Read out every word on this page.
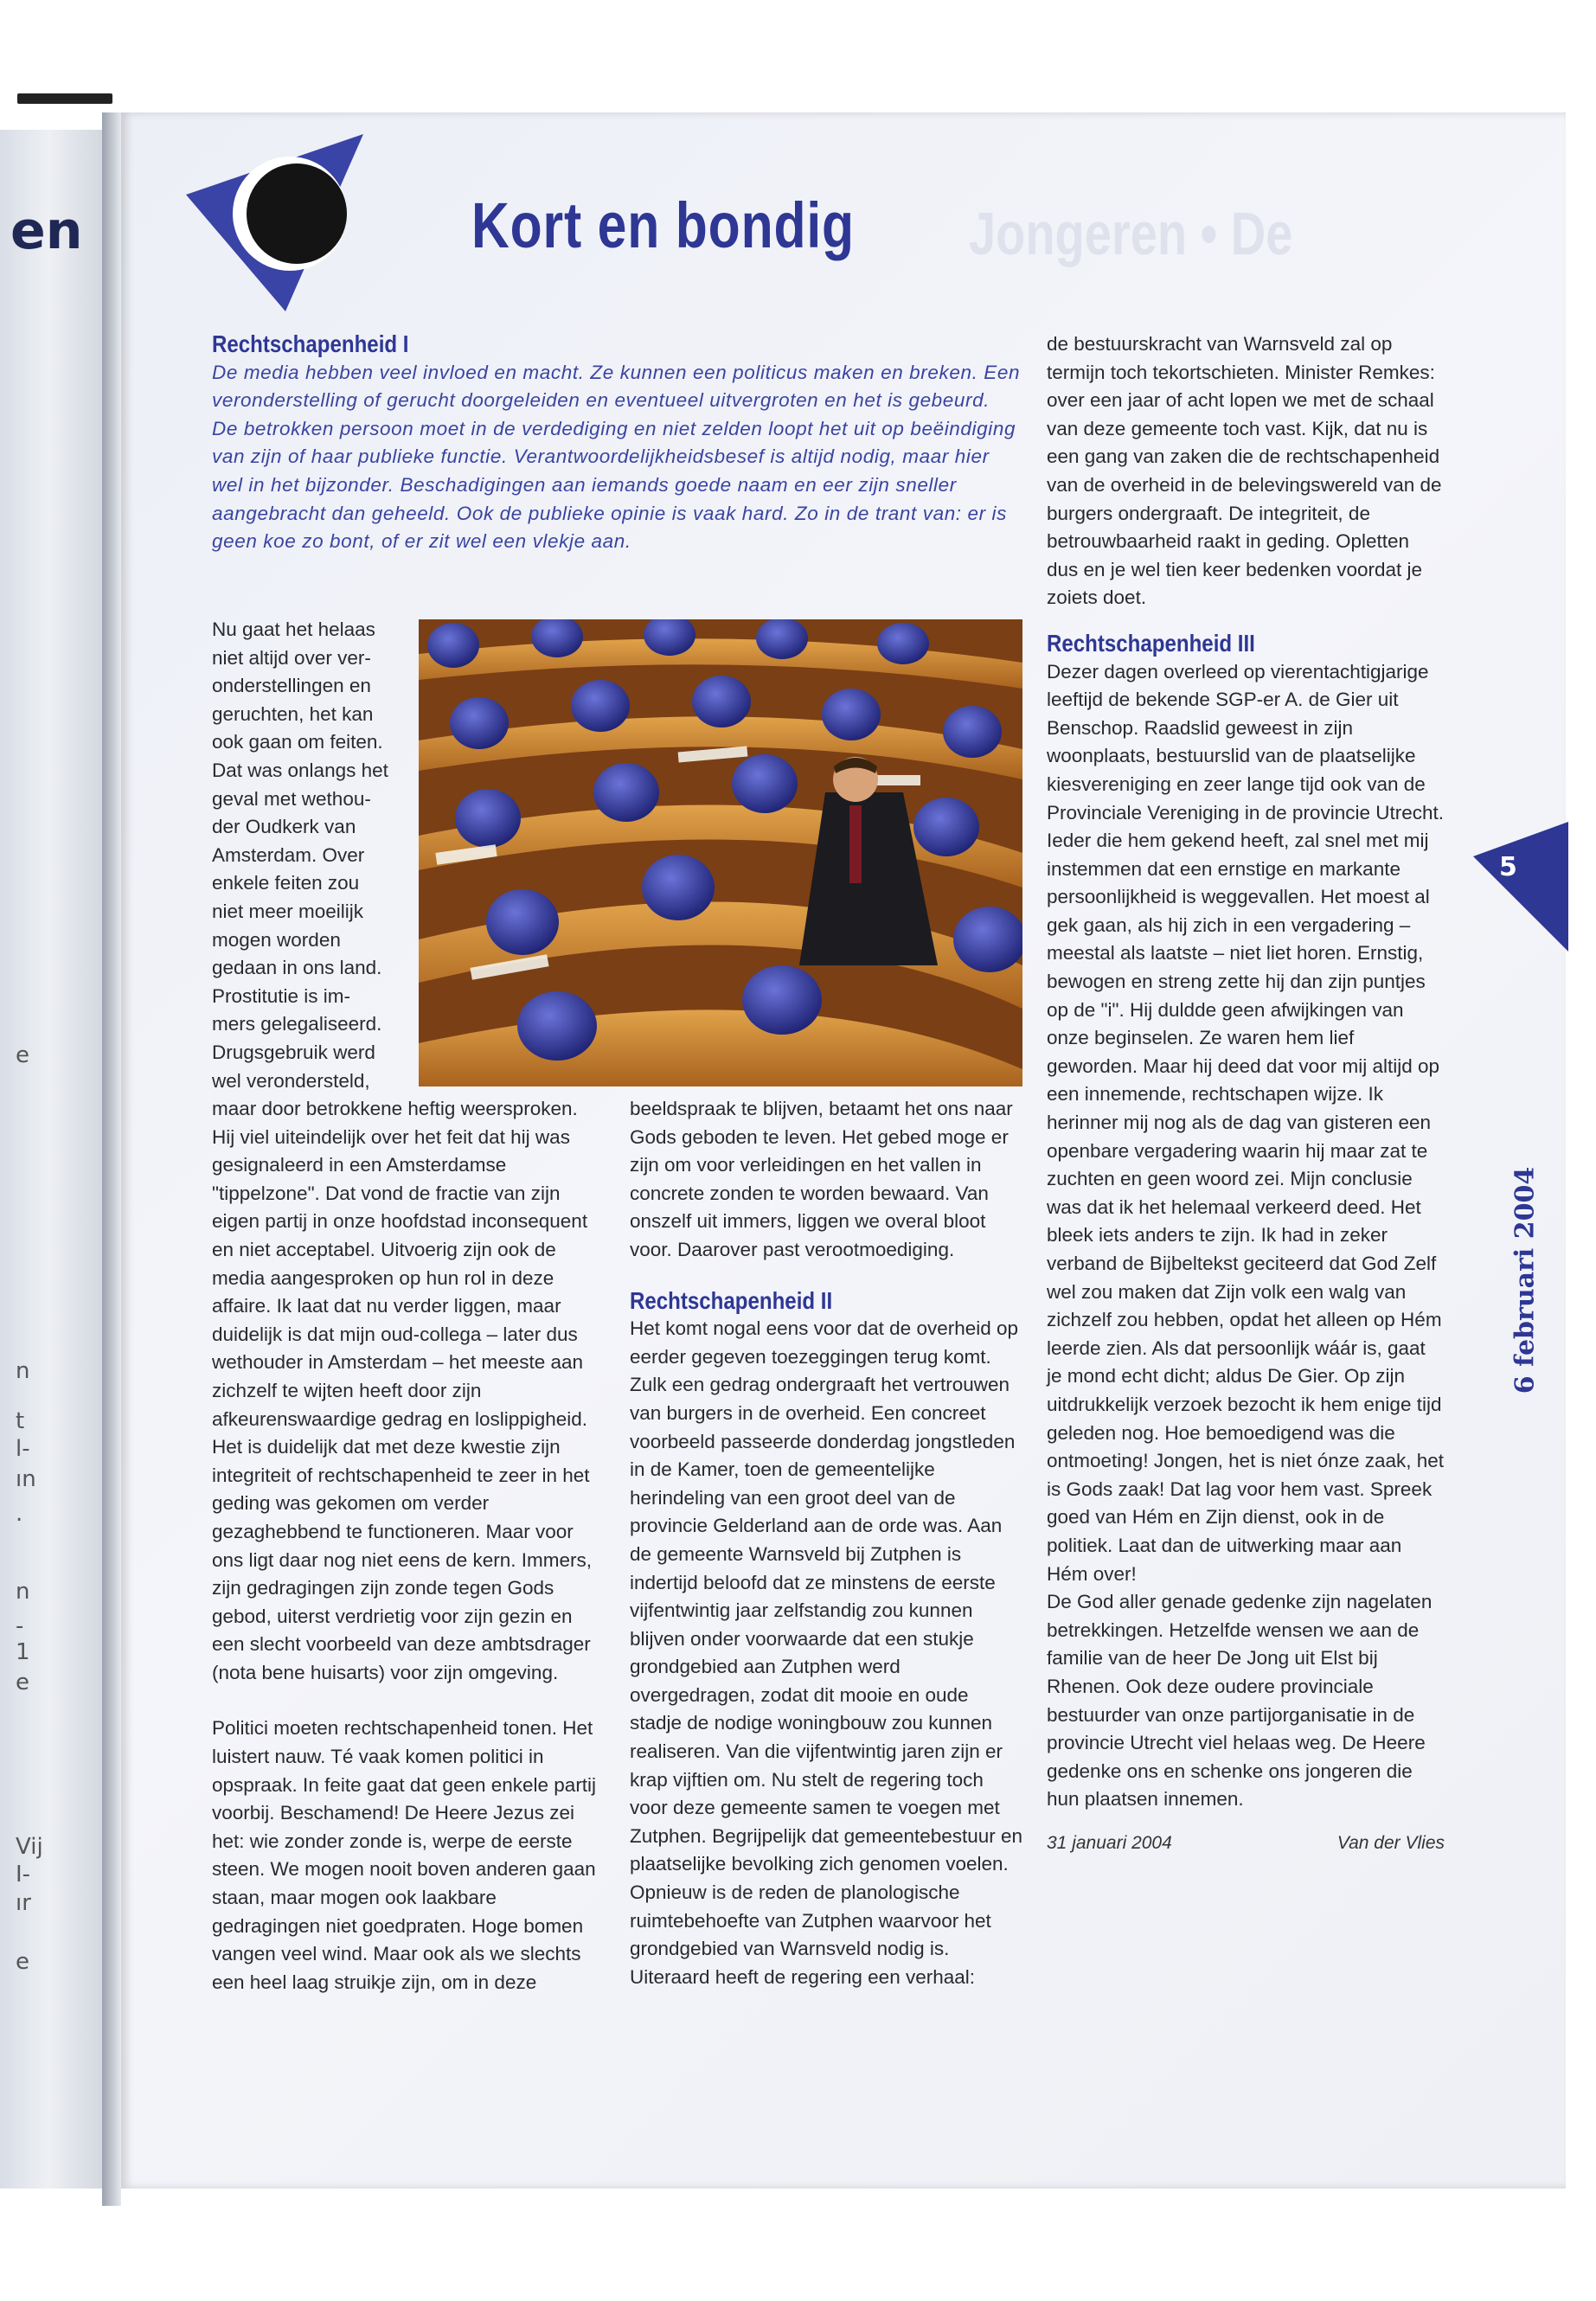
en
e
n
t
l-
ın
.
n
-
1
e
Vij
I-
ır
e
Jongeren • De
Kort en bondig
Rechtschapenheid I

De media hebben veel invloed en macht. Ze kunnen een politicus maken en breken. Een veronderstelling of gerucht doorgeleiden en eventueel uitvergroten en het is gebeurd. De betrokken persoon moet in de verdediging en niet zelden loopt het uit op beëindiging van zijn of haar publieke functie. Verantwoordelijkheidsbesef is altijd nodig, maar hier wel in het bijzonder. Beschadigingen aan iemands goede naam en eer zijn sneller aangebracht dan geheeld. Ook de publieke opinie is vaak hard. Zo in de trant van: er is geen koe zo bont, of er zit wel een vlekje aan.

Nu gaat het helaas
niet altijd over ver-
onderstellingen en
geruchten, het kan
ook gaan om feiten.
Dat was onlangs het
geval met wethou-
der Oudkerk van
Amsterdam. Over
enkele feiten zou
niet meer moeilijk
mogen worden
gedaan in ons land.
Prostitutie is im-
mers gelegaliseerd.
Drugsgebruik werd
wel verondersteld,

maar door betrokkene heftig weersproken. Hij viel uiteindelijk over het feit dat hij was gesignaleerd in een Amsterdamse "tippelzone". Dat vond de fractie van zijn eigen partij in onze hoofdstad inconsequent en niet acceptabel. Uitvoerig zijn ook de media aangesproken op hun rol in deze affaire. Ik laat dat nu verder liggen, maar duidelijk is dat mijn oud-collega – later dus wethouder in Amsterdam – het meeste aan zichzelf te wijten heeft door zijn afkeurenswaardige gedrag en loslippigheid. Het is duidelijk dat met deze kwestie zijn integriteit of rechtschapenheid te zeer in het geding was gekomen om verder gezaghebbend te functioneren. Maar voor ons ligt daar nog niet eens de kern. Immers, zijn gedragingen zijn zonde tegen Gods gebod, uiterst verdrietig voor zijn gezin en een slecht voorbeeld van deze ambtsdrager (nota bene huisarts) voor zijn omgeving.

Politici moeten rechtschapenheid tonen. Het luistert nauw. Té vaak komen politici in opspraak. In feite gaat dat geen enkele partij voorbij. Beschamend! De Heere Jezus zei het: wie zonder zonde is, werpe de eerste steen. We mogen nooit boven anderen gaan staan, maar mogen ook laakbare gedragingen niet goedpraten. Hoge bomen vangen veel wind. Maar ook als we slechts een heel laag struikje zijn, om in deze

beeldspraak te blijven, betaamt het ons naar Gods geboden te leven. Het gebed moge er zijn om voor verleidingen en het vallen in concrete zonden te worden bewaard. Van onszelf uit immers, liggen we overal bloot voor. Daarover past verootmoediging.

Rechtschapenheid II

Het komt nogal eens voor dat de overheid op eerder gegeven toezeggingen terug komt. Zulk een gedrag ondergraaft het vertrouwen van burgers in de overheid. Een concreet voorbeeld passeerde donderdag jongstleden in de Kamer, toen de gemeentelijke herindeling van een groot deel van de provincie Gelderland aan de orde was. Aan de gemeente Warnsveld bij Zutphen is indertijd beloofd dat ze minstens de eerste vijfentwintig jaar zelfstandig zou kunnen blijven onder voorwaarde dat een stukje grondgebied aan Zutphen werd overgedragen, zodat dit mooie en oude stadje de nodige woningbouw zou kunnen realiseren. Van die vijfentwintig jaren zijn er krap vijftien om. Nu stelt de regering toch voor deze gemeente samen te voegen met Zutphen. Begrijpelijk dat gemeentebestuur en plaatselijke bevolking zich genomen voelen. Opnieuw is de reden de planologische ruimtebehoefte van Zutphen waarvoor het grondgebied van Warnsveld nodig is. Uiteraard heeft de regering een verhaal:

de bestuurskracht van Warnsveld zal op termijn toch tekortschieten. Minister Remkes: over een jaar of acht lopen we met de schaal van deze gemeente toch vast. Kijk, dat nu is een gang van zaken die de rechtschapenheid van de overheid in de belevingswereld van de burgers ondergraaft. De integriteit, de betrouwbaarheid raakt in geding. Opletten dus en je wel tien keer bedenken voordat je zoiets doet.

Rechtschapenheid III

Dezer dagen overleed op vierentachtigjarige leeftijd de bekende SGP-er A. de Gier uit Benschop. Raadslid geweest in zijn woonplaats, bestuurslid van de plaatselijke kiesvereniging en zeer lange tijd ook van de Provinciale Vereniging in de provincie Utrecht. Ieder die hem gekend heeft, zal snel met mij instemmen dat een ernstige en markante persoonlijkheid is weggevallen. Het moest al gek gaan, als hij zich in een vergadering – meestal als laatste – niet liet horen. Ernstig, bewogen en streng zette hij dan zijn puntjes op de "i". Hij duldde geen afwijkingen van onze beginselen. Ze waren hem lief geworden. Maar hij deed dat voor mij altijd op een innemende, rechtschapen wijze. Ik herinner mij nog als de dag van gisteren een openbare vergadering waarin hij maar zat te zuchten en geen woord zei. Mijn conclusie was dat ik het helemaal verkeerd deed. Het bleek iets anders te zijn. Ik had in zeker verband de Bijbeltekst geciteerd dat God Zelf wel zou maken dat Zijn volk een walg van zichzelf zou hebben, opdat het alleen op Hém leerde zien. Als dat persoonlijk wáár is, gaat je mond echt dicht; aldus De Gier. Op zijn uitdrukkelijk verzoek bezocht ik hem enige tijd geleden nog. Hoe bemoedigend was die ontmoeting! Jongen, het is niet ónze zaak, het is Gods zaak! Dat lag voor hem vast. Spreek goed van Hém en Zijn dienst, ook in de politiek. Laat dan de uitwerking maar aan Hém over!

De God aller genade gedenke zijn nagelaten betrekkingen. Hetzelfde wensen we aan de familie van de heer De Jong uit Elst bij Rhenen. Ook deze oudere provinciale bestuurder van onze partijorganisatie in de provincie Utrecht viel helaas weg. De Heere gedenke ons en schenke ons jongeren die hun plaatsen innemen.

31 januari 2004	Van der Vlies
5
6 februari 2004
